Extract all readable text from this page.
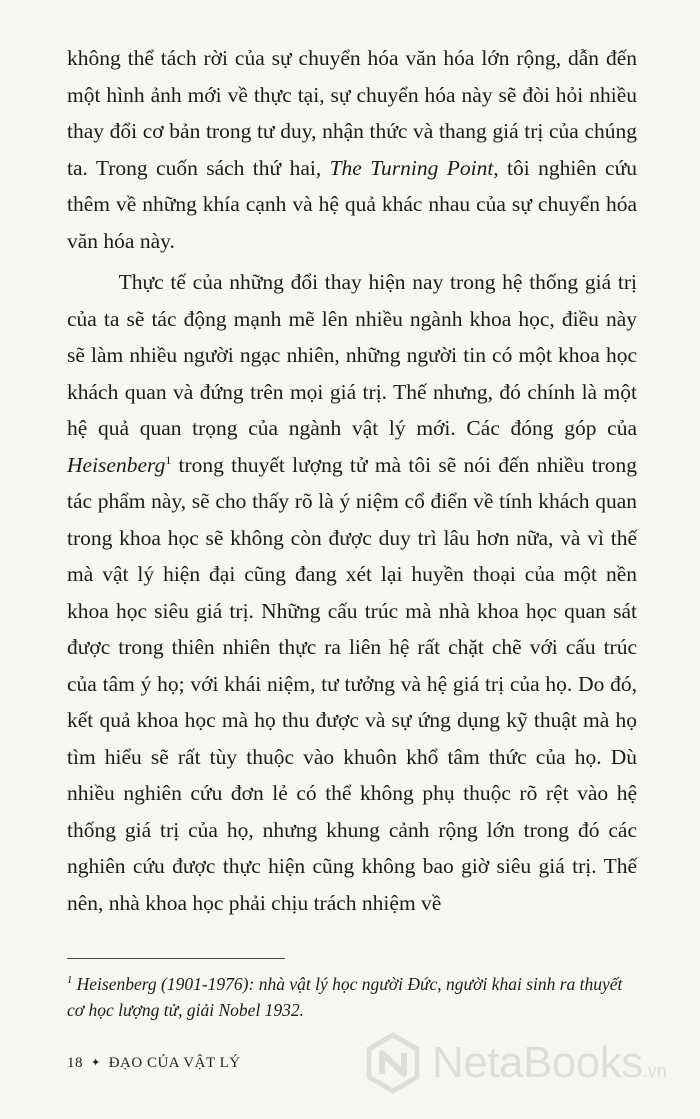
không thể tách rời của sự chuyển hóa văn hóa lớn rộng, dẫn đến một hình ảnh mới về thực tại, sự chuyển hóa này sẽ đòi hỏi nhiều thay đổi cơ bản trong tư duy, nhận thức và thang giá trị của chúng ta. Trong cuốn sách thứ hai, The Turning Point, tôi nghiên cứu thêm về những khía cạnh và hệ quả khác nhau của sự chuyển hóa văn hóa này.

Thực tế của những đổi thay hiện nay trong hệ thống giá trị của ta sẽ tác động mạnh mẽ lên nhiều ngành khoa học, điều này sẽ làm nhiều người ngạc nhiên, những người tin có một khoa học khách quan và đứng trên mọi giá trị. Thế nhưng, đó chính là một hệ quả quan trọng của ngành vật lý mới. Các đóng góp của Heisenberg$^1$ trong thuyết lượng tử mà tôi sẽ nói đến nhiều trong tác phẩm này, sẽ cho thấy rõ là ý niệm cổ điển về tính khách quan trong khoa học sẽ không còn được duy trì lâu hơn nữa, và vì thế mà vật lý hiện đại cũng đang xét lại huyền thoại của một nền khoa học siêu giá trị. Những cấu trúc mà nhà khoa học quan sát được trong thiên nhiên thực ra liên hệ rất chặt chẽ với cấu trúc của tâm ý họ; với khái niệm, tư tưởng và hệ giá trị của họ. Do đó, kết quả khoa học mà họ thu được và sự ứng dụng kỹ thuật mà họ tìm hiểu sẽ rất tùy thuộc vào khuôn khổ tâm thức của họ. Dù nhiều nghiên cứu đơn lẻ có thể không phụ thuộc rõ rệt vào hệ thống giá trị của họ, nhưng khung cảnh rộng lớn trong đó các nghiên cứu được thực hiện cũng không bao giờ siêu giá trị. Thế nên, nhà khoa học phải chịu trách nhiệm về

$^1$ Heisenberg (1901-1976): nhà vật lý học người Đức, người khai sinh ra thuyết cơ học lượng tử, giải Nobel 1932.

18 ✦ ĐẠO CỦA VẬT LÝ	NetaBooks.vn
